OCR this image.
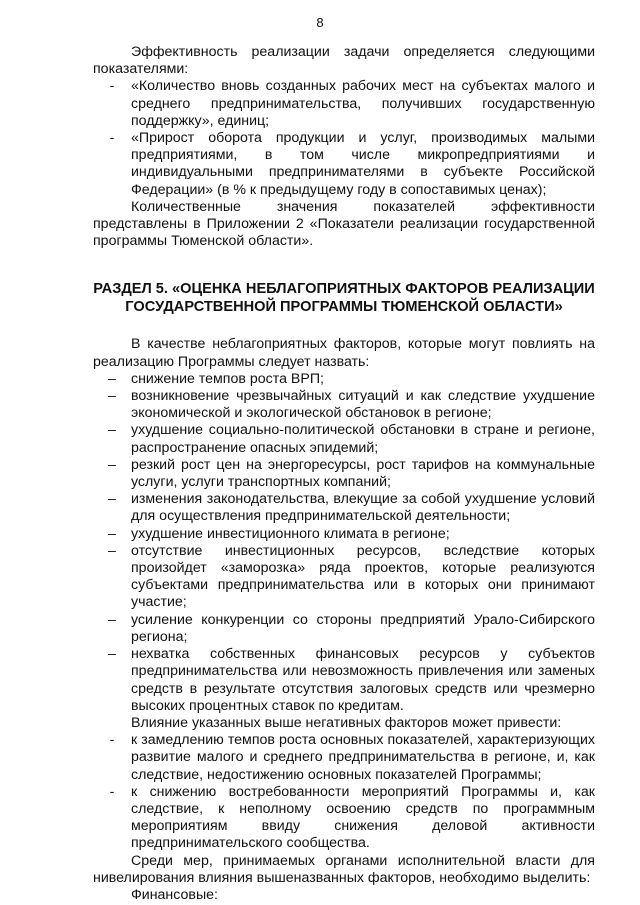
8

Эффективность реализации задачи определяется следующими показателями:

-	«Количество вновь созданных рабочих мест на субъектах малого и среднего предпринимательства, получивших государственную поддержку», единиц;
-	«Прирост оборота продукции и услуг, производимых малыми предприятиями, в том числе микропредприятиями и индивидуальными предпринимателями в субъекте Российской Федерации» (в % к предыдущему году в сопоставимых ценах);

Количественные значения показателей эффективности представлены в Приложении 2 «Показатели реализации государственной программы Тюменской области».

РАЗДЕЛ 5. «ОЦЕНКА НЕБЛАГОПРИЯТНЫХ ФАКТОРОВ РЕАЛИЗАЦИИ ГОСУДАРСТВЕННОЙ ПРОГРАММЫ ТЮМЕНСКОЙ ОБЛАСТИ»

В качестве неблагоприятных факторов, которые могут повлиять на реализацию Программы следует назвать:

–	снижение темпов роста ВРП;
–	возникновение чрезвычайных ситуаций и как следствие ухудшение экономической и экологической обстановок в регионе;
–	ухудшение социально-политической обстановки в стране и регионе, распространение опасных эпидемий;
–	резкий рост цен на энергоресурсы, рост тарифов на коммунальные услуги, услуги транспортных компаний;
–	изменения законодательства, влекущие за собой ухудшение условий для осуществления предпринимательской деятельности;
–	ухудшение инвестиционного климата в регионе;
–	отсутствие инвестиционных ресурсов, вследствие которых произойдет «заморозка» ряда проектов, которые реализуются субъектами предпринимательства или в которых они принимают участие;
–	усиление конкуренции со стороны предприятий Урало-Сибирского региона;
–	нехватка собственных финансовых ресурсов у субъектов предпринимательства или невозможность привлечения или заменых средств в результате отсутствия залоговых средств или чрезмерно высоких процентных ставок по кредитам.

Влияние указанных выше негативных факторов может привести:

-	к замедлению темпов роста основных показателей, характеризующих развитие малого и среднего предпринимательства в регионе, и, как следствие, недостижению основных показателей Программы;
-	к снижению востребованности мероприятий Программы и, как следствие, к неполному освоению средств по программным мероприятиям ввиду снижения деловой активности предпринимательского сообщества.

Среди мер, принимаемых органами исполнительной власти для нивелирования влияния вышеназванных факторов, необходимо выделить:

Финансовые:
